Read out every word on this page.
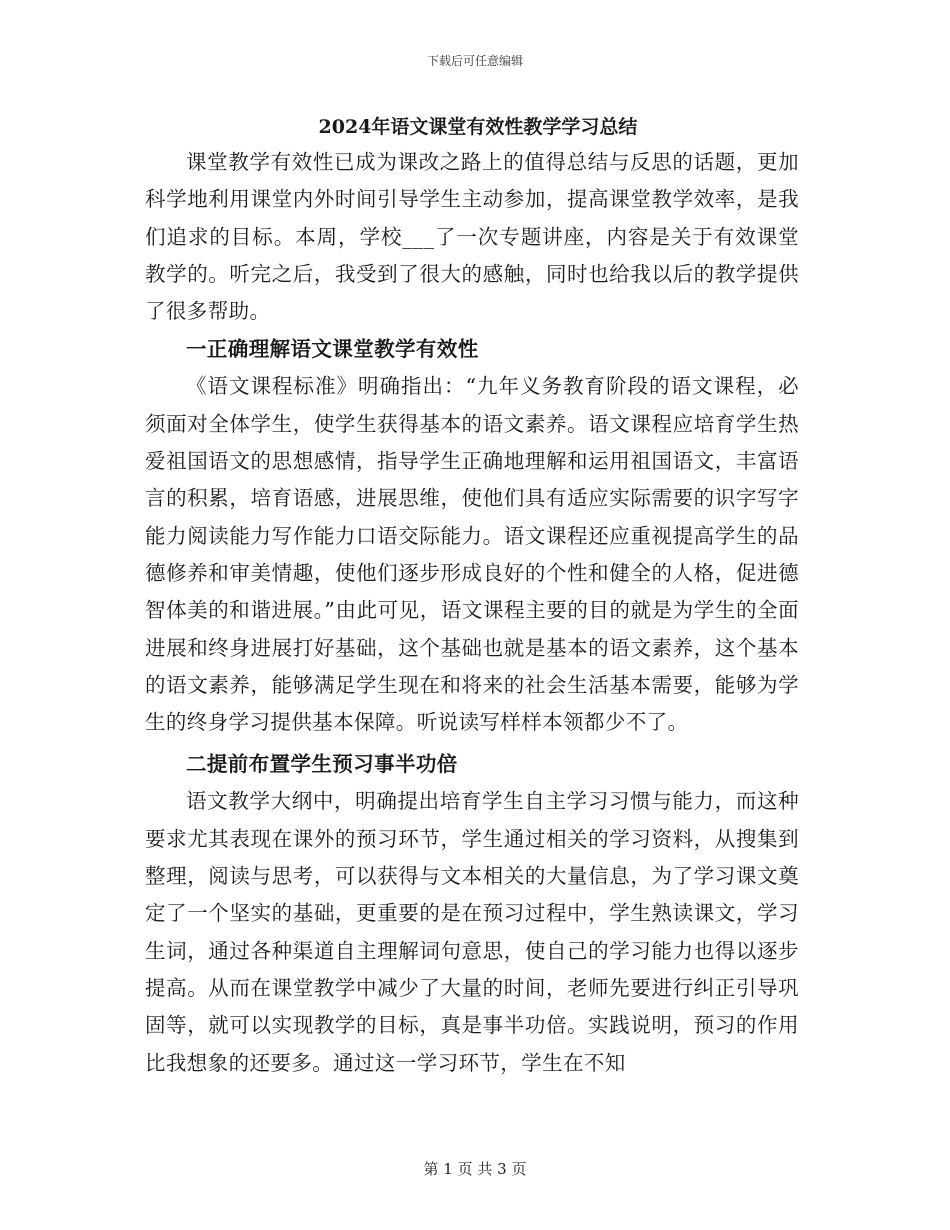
下载后可任意编辑
2024年语文课堂有效性教学学习总结

课堂教学有效性已成为课改之路上的值得总结与反思的话题，更加科学地利用课堂内外时间引导学生主动参加，提高课堂教学效率，是我们追求的目标。本周，学校___了一次专题讲座，内容是关于有效课堂教学的。听完之后，我受到了很大的感触，同时也给我以后的教学提供了很多帮助。

一正确理解语文课堂教学有效性

《语文课程标准》明确指出：“九年义务教育阶段的语文课程，必须面对全体学生，使学生获得基本的语文素养。语文课程应培育学生热爱祖国语文的思想感情，指导学生正确地理解和运用祖国语文，丰富语言的积累，培育语感，进展思维，使他们具有适应实际需要的识字写字能力阅读能力写作能力口语交际能力。语文课程还应重视提高学生的品德修养和审美情趣，使他们逐步形成良好的个性和健全的人格，促进德智体美的和谐进展。”由此可见，语文课程主要的目的就是为学生的全面进展和终身进展打好基础，这个基础也就是基本的语文素养，这个基本的语文素养，能够满足学生现在和将来的社会生活基本需要，能够为学生的终身学习提供基本保障。听说读写样样本领都少不了。

二提前布置学生预习事半功倍

语文教学大纲中，明确提出培育学生自主学习习惯与能力，而这种要求尤其表现在课外的预习环节，学生通过相关的学习资料，从搜集到整理，阅读与思考，可以获得与文本相关的大量信息，为了学习课文奠定了一个坚实的基础，更重要的是在预习过程中，学生熟读课文，学习生词，通过各种渠道自主理解词句意思，使自己的学习能力也得以逐步提高。从而在课堂教学中减少了大量的时间，老师先要进行纠正引导巩固等，就可以实现教学的目标，真是事半功倍。实践说明，预习的作用比我想象的还要多。通过这一学习环节，学生在不知

第 1 页 共 3 页
